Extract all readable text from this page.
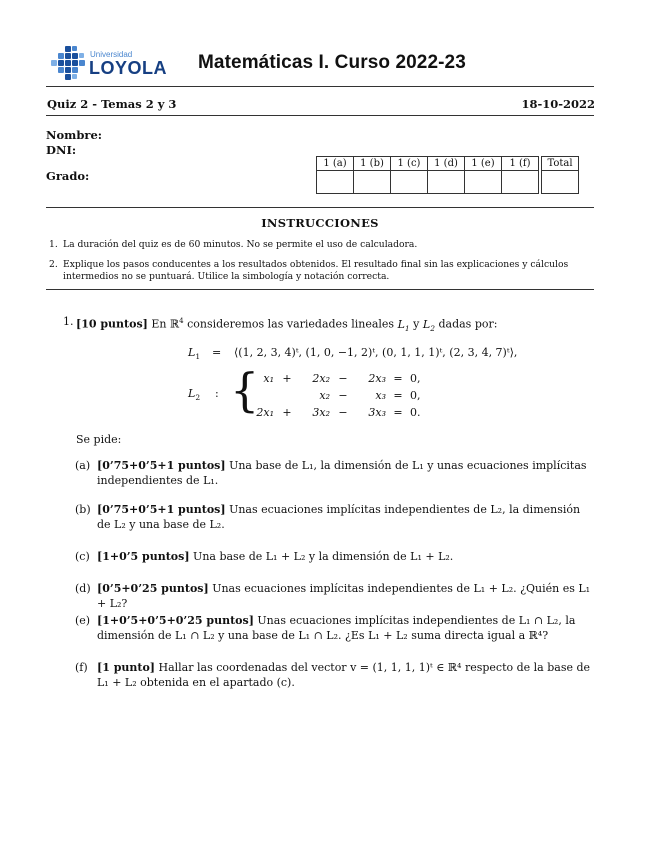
Universidad
LOYOLA Matemáticas I. Curso 2022-23
Quiz 2 - Temas 2 y 3	18-10-2022
Nombre:
DNI:
Grado:
1 (a)	1 (b)	1 (c)	1 (d)	1 (e)	1 (f)		Total

INSTRUCCIONES
1. La duración del quiz es de 60 minutos. No se permite el uso de calculadora.
2. Explique los pasos conducentes a los resultados obtenidos. El resultado final sin las explicaciones y cálculos intermedios no se puntuará. Utilice la simbología y notación correcta.
1. [10 puntos] En ℝ$^4$ consideremos las variedades lineales $L_1$ y $L_2$ dadas por:
$L_1$ = ⟨(1, 2, 3, 4)ᵗ, (1, 0, −1, 2)ᵗ, (0, 1, 1, 1)ᵗ, (2, 3, 4, 7)ᵗ⟩,
$L_2$ : { x₁	+	2x₂	−	2x₃	=	0,
		x₂	−	x₃	=	0,
2x₁	+	3x₂	−	3x₃	=	0.
Se pide:
(a) [0’75+0’5+1 puntos] Una base de L₁, la dimensión de L₁ y unas ecuaciones implícitas independientes de L₁.
(b) [0’75+0’5+1 puntos] Unas ecuaciones implícitas independientes de L₂, la dimensión de L₂ y una base de L₂.
(c) [1+0’5 puntos] Una base de L₁ + L₂ y la dimensión de L₁ + L₂.
(d) [0’5+0’25 puntos] Unas ecuaciones implícitas independientes de L₁ + L₂. ¿Quién es L₁ + L₂?
(e) [1+0’5+0’5+0’25 puntos] Unas ecuaciones implícitas independientes de L₁ ∩ L₂, la dimensión de L₁ ∩ L₂ y una base de L₁ ∩ L₂. ¿Es L₁ + L₂ suma directa igual a ℝ⁴?
(f) [1 punto] Hallar las coordenadas del vector v = (1, 1, 1, 1)ᵗ ∈ ℝ⁴ respecto de la base de L₁ + L₂ obtenida en el apartado (c).
